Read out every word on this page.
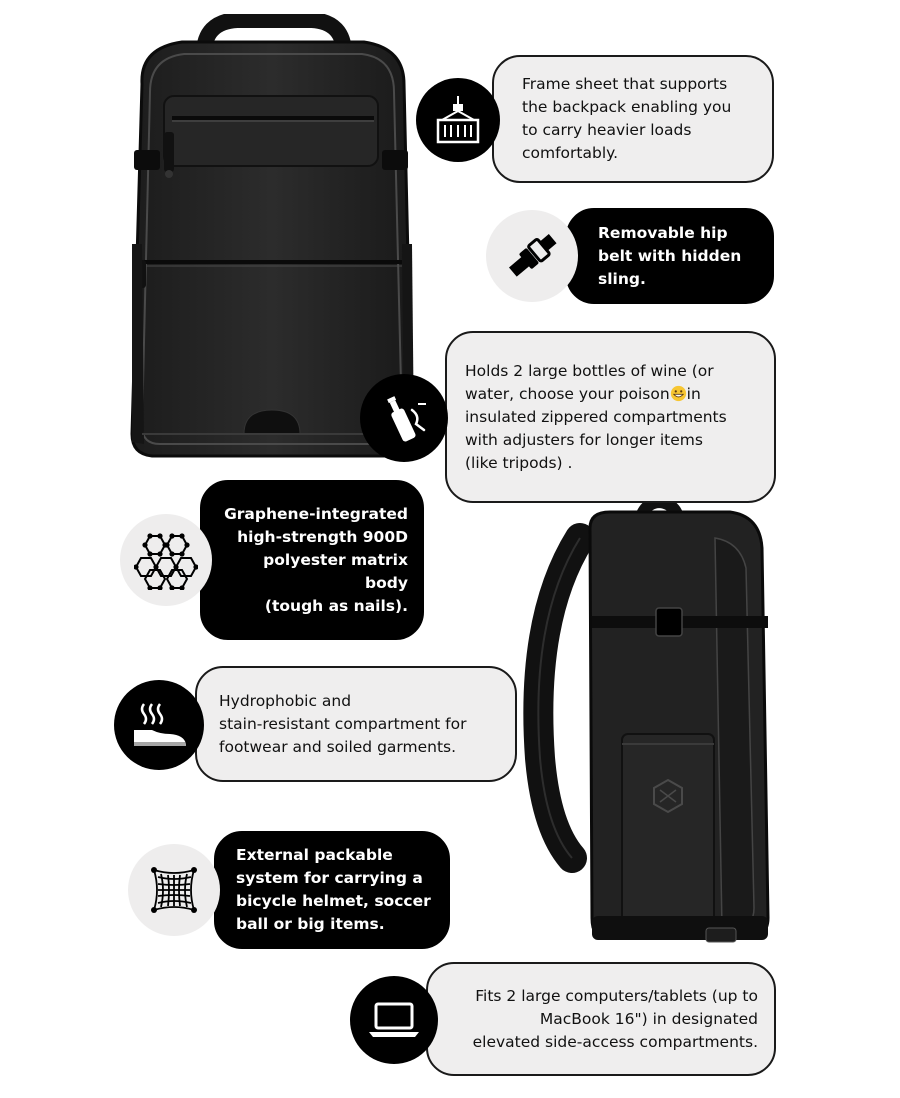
Frame sheet that supports
the backpack enabling you
to carry heavier loads
comfortably.
Removable hip
belt with hidden
sling.
Holds 2 large bottles of wine (or
water, choose your poison in
insulated zippered compartments
with adjusters for longer items
(like tripods) .
Graphene-integrated
high-strength 900D
polyester matrix body
(tough as nails).
Hydrophobic and
stain-resistant compartment for
footwear and soiled garments.
External packable
system for carrying a
bicycle helmet, soccer
ball or big items.
Fits 2 large computers/tablets (up to
MacBook 16") in designated
elevated side-access compartments.
